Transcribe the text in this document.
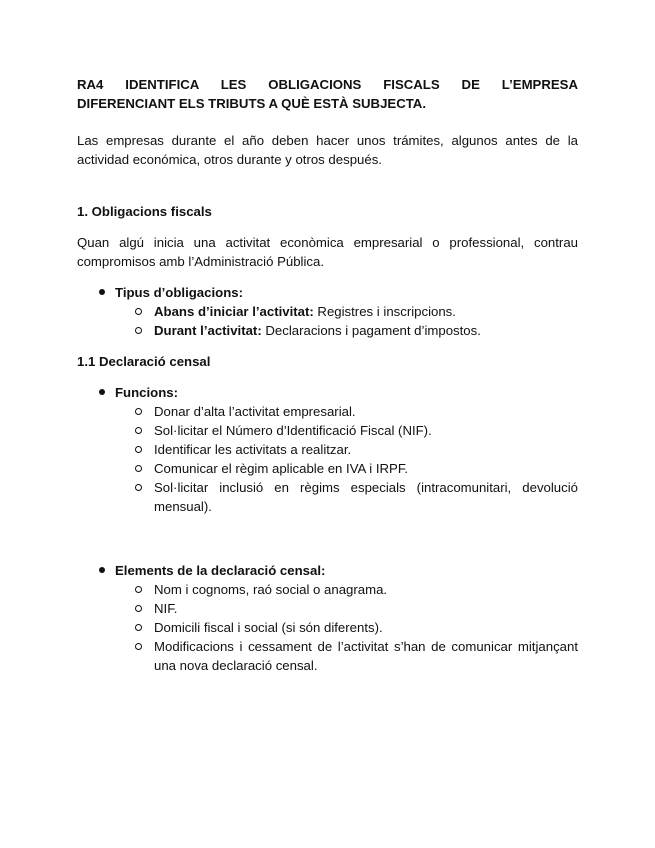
RA4 IDENTIFICA LES OBLIGACIONS FISCALS DE L’EMPRESA
DIFERENCIANT ELS TRIBUTS A QUÈ ESTÀ SUBJECTA.

Las empresas durante el año deben hacer unos trámites, algunos antes de la actividad económica, otros durante y otros después.

1. Obligacions fiscals

Quan algú inicia una activitat econòmica empresarial o professional, contrau compromisos amb l’Administració Pública.

Tipus d’obligacions:
Abans d’iniciar l’activitat: Registres i inscripcions.
Durant l’activitat: Declaracions i pagament d’impostos.
1.1 Declaració censal
Funcions:
Donar d’alta l’activitat empresarial.
Sol·licitar el Número d’Identificació Fiscal (NIF).
Identificar les activitats a realitzar.
Comunicar el règim aplicable en IVA i IRPF.
Sol·licitar inclusió en règims especials (intracomunitari, devolució mensual).
Elements de la declaració censal:
Nom i cognoms, raó social o anagrama.
NIF.
Domicili fiscal i social (si són diferents).
Modificacions i cessament de l’activitat s’han de comunicar mitjançant una nova declaració censal.
